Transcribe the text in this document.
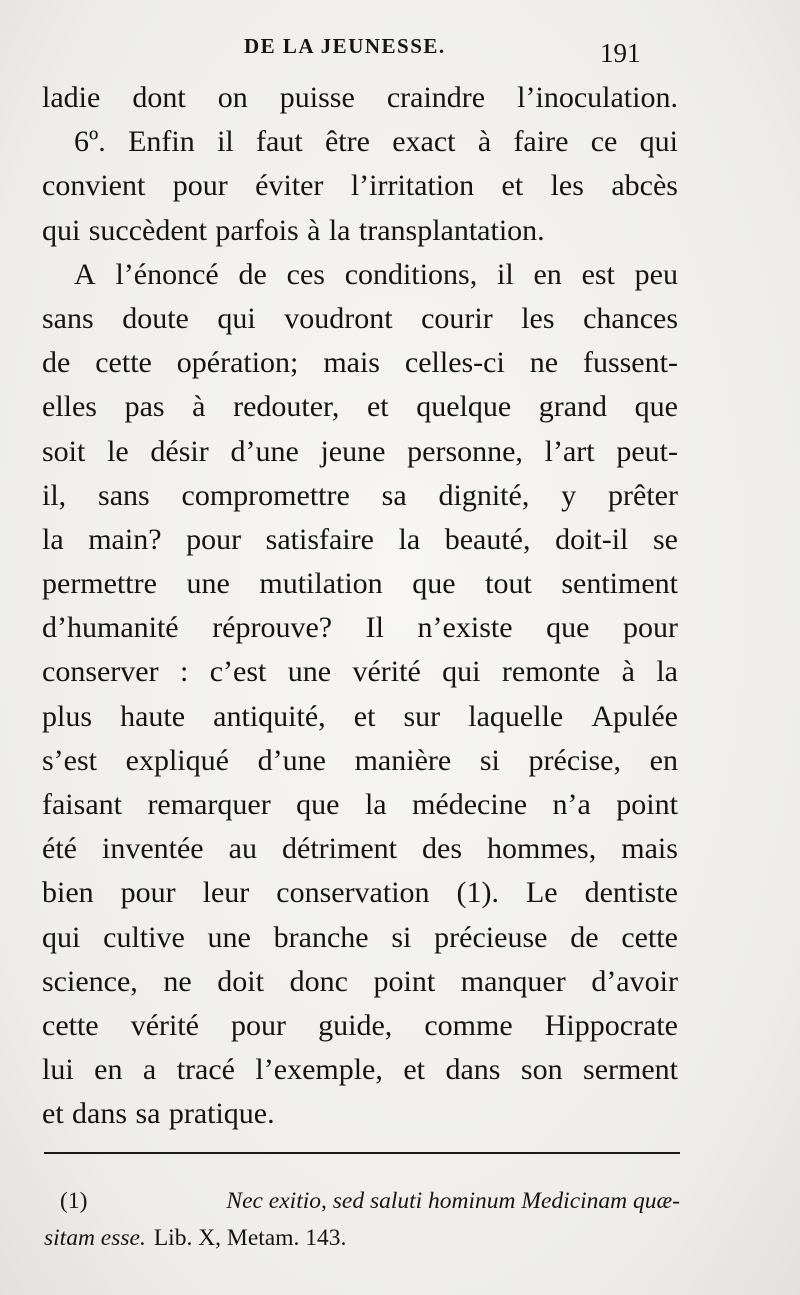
DE LA JEUNESSE.	191
ladie dont on puisse craindre l’inoculation.
6º. Enfin il faut être exact à faire ce qui
convient pour éviter l’irritation et les abcès
qui succèdent parfois à la transplantation.
A l’énoncé de ces conditions, il en est peu
sans doute qui voudront courir les chances
de cette opération; mais celles-ci ne fussent-
elles pas à redouter, et quelque grand que
soit le désir d’une jeune personne, l’art peut-
il, sans compromettre sa dignité, y prêter
la main? pour satisfaire la beauté, doit-il se
permettre une mutilation que tout sentiment
d’humanité réprouve? Il n’existe que pour
conserver : c’est une vérité qui remonte à la
plus haute antiquité, et sur laquelle Apulée
s’est expliqué d’une manière si précise, en
faisant remarquer que la médecine n’a point
été inventée au détriment des hommes, mais
bien pour leur conservation (1). Le dentiste
qui cultive une branche si précieuse de cette
science, ne doit donc point manquer d’avoir
cette vérité pour guide, comme Hippocrate
lui en a tracé l’exemple, et dans son serment
et dans sa pratique.
(1)	Nec exitio, sed saluti hominum Medicinam quæ-
sitam esse. Lib. X, Metam. 143.
